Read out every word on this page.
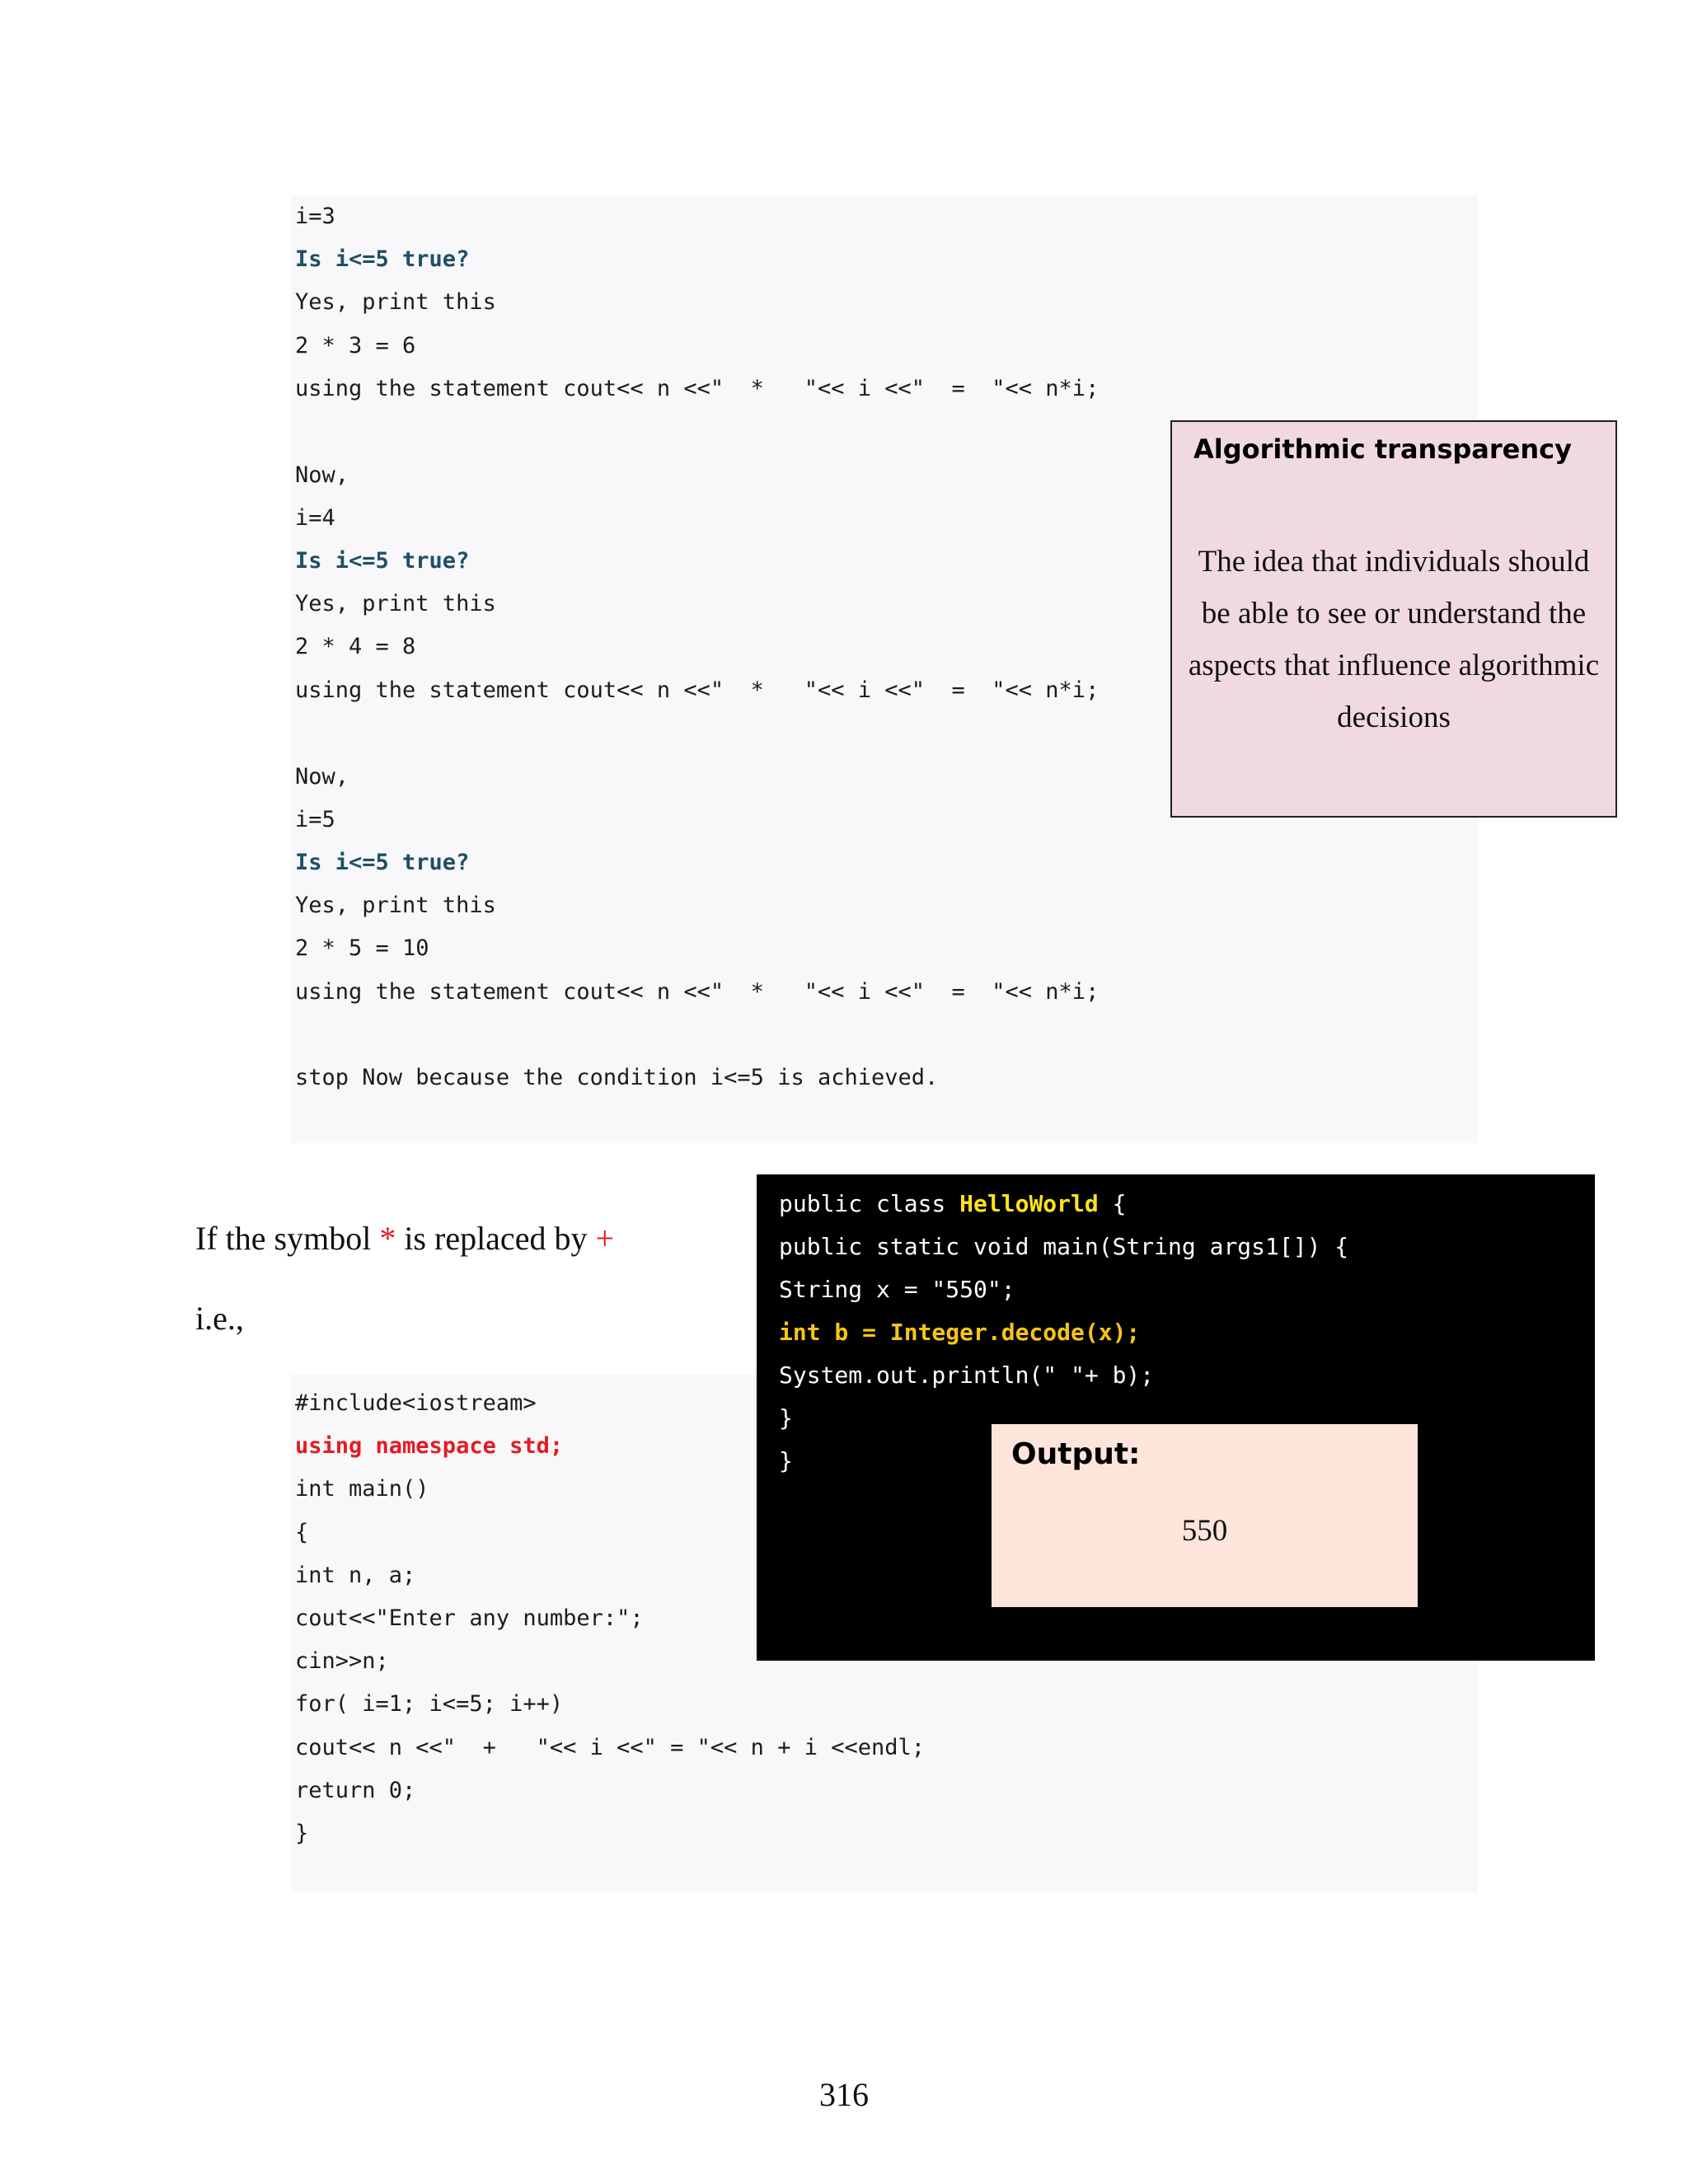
i=3
Is i<=5 true?
Yes, print this
2 * 3 = 6
using the statement cout<< n <<"  *   "<< i <<"  =  "<< n*i;
Now,
i=4
Is i<=5 true?
Yes, print this
2 * 4 = 8
using the statement cout<< n <<"  *   "<< i <<"  =  "<< n*i;
Now,
i=5
Is i<=5 true?
Yes, print this
2 * 5 = 10
using the statement cout<< n <<"  *   "<< i <<"  =  "<< n*i;
stop Now because the condition i<=5 is achieved.
Algorithmic transparency
The idea that individuals should be able to see or understand the aspects that influence algorithmic decisions
If the symbol * is replaced by +
i.e.,
#include<iostream>
using namespace std;
int main()
{
int n, a;
cout<<"Enter any number:";
cin>>n;
for( i=1; i<=5; i++)
cout<< n <<"  +   "<< i <<" = "<< n + i <<endl;
return 0;
}
public class HelloWorld {
public static void main(String args1[]) {
String x = "550";
int b = Integer.decode(x);
System.out.println(" "+ b);
}
}	Output:
550
316
